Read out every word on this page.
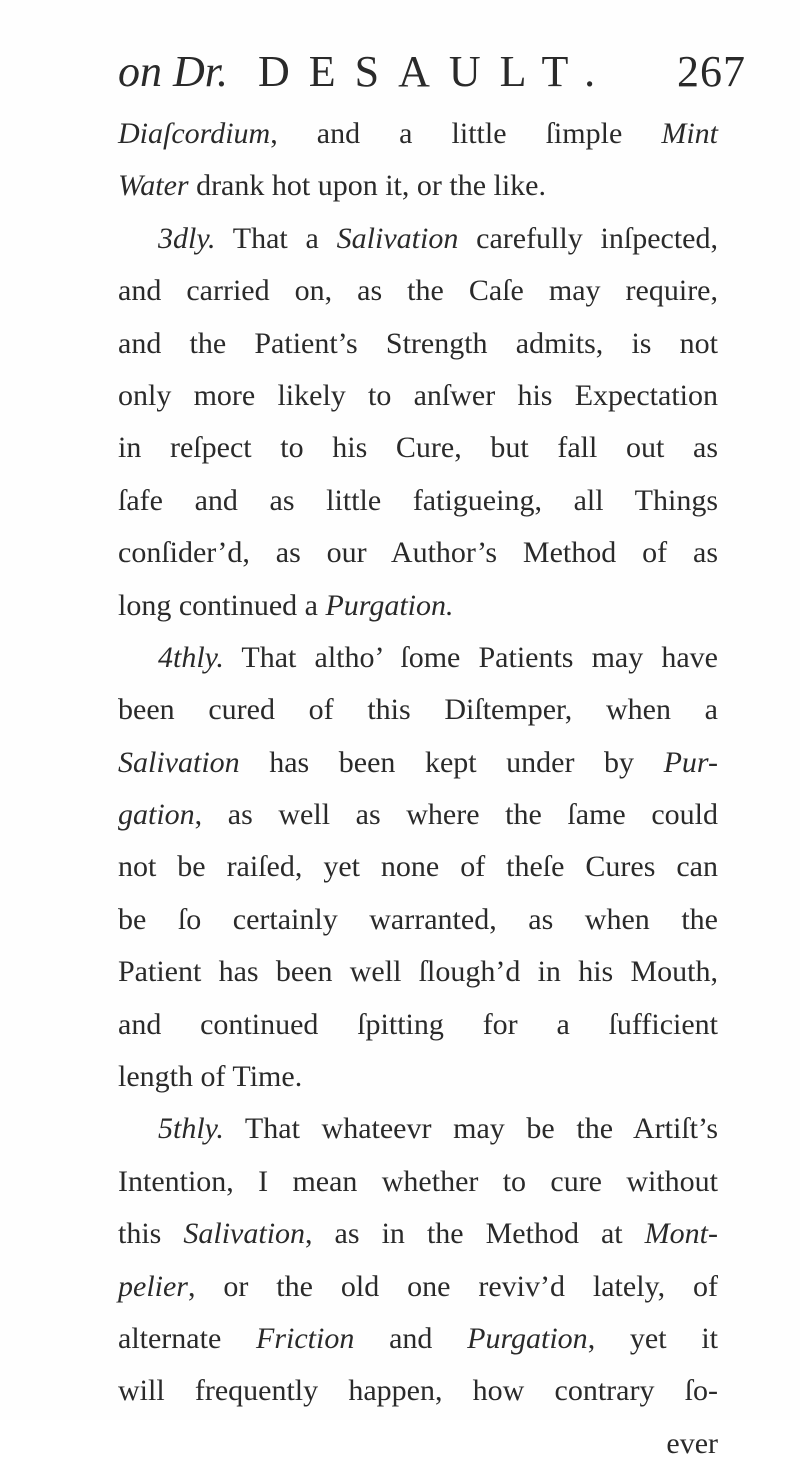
on Dr. DESAULT. 267
Diaſcordium, and a little ſimple Mint
Water drank hot upon it, or the like.
3dly. That a Salivation carefully inſpected,
and carried on, as the Caſe may require,
and the Patient’s Strength admits, is not
only more likely to anſwer his Expectation
in reſpect to his Cure, but fall out as
ſafe and as little fatigueing, all Things
conſider’d, as our Author’s Method of as
long continued a Purgation.
4thly. That altho’ ſome Patients may have
been cured of this Diſtemper, when a
Salivation has been kept under by Pur-
gation, as well as where the ſame could
not be raiſed, yet none of theſe Cures can
be ſo certainly warranted, as when the
Patient has been well ſlough’d in his Mouth,
and continued ſpitting for a ſufficient
length of Time.
5thly. That whateevr may be the Artiſt’s
Intention, I mean whether to cure without
this Salivation, as in the Method at Mont-
pelier, or the old one reviv’d lately, of
alternate Friction and Purgation, yet it
will frequently happen, how contrary ſo-
ever
